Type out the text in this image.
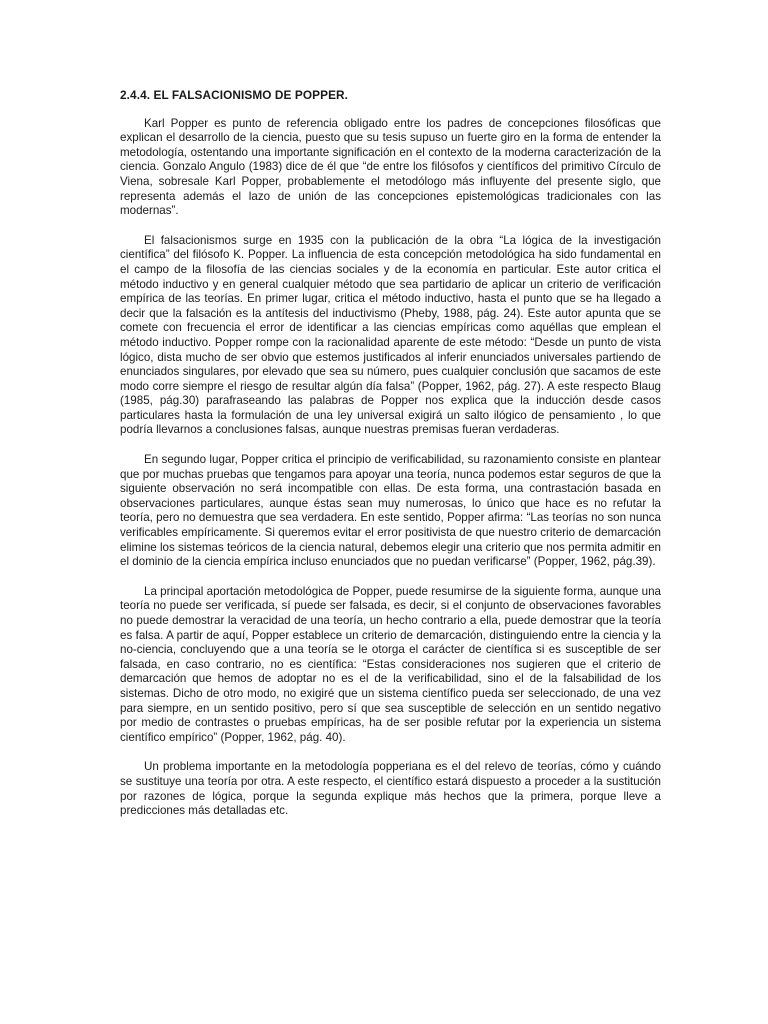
2.4.4. EL FALSACIONISMO DE POPPER.

Karl Popper es punto de referencia obligado entre los padres de concepciones filosóficas que explican el desarrollo de la ciencia, puesto que su tesis supuso un fuerte giro en la forma de entender la metodología, ostentando una importante significación en el contexto de la moderna caracterización de la ciencia. Gonzalo Angulo (1983) dice de él que “de entre los filósofos y científicos del primitivo Círculo de Viena, sobresale Karl Popper, probablemente el metodólogo más influyente del presente siglo, que representa además el lazo de unión de las concepciones epistemológicas tradicionales con las modernas”.

El falsacionismos surge en 1935 con la publicación de la obra “La lógica de la investigación científica” del filósofo K. Popper. La influencia de esta concepción metodológica ha sido fundamental en el campo de la filosofía de las ciencias sociales y de la economía en particular. Este autor critica el método inductivo y en general cualquier método que sea partidario de aplicar un criterio de verificación empírica de las teorías. En primer lugar, critica el método inductivo, hasta el punto que se ha llegado a decir que la falsación es la antítesis del inductivismo (Pheby, 1988, pág. 24). Este autor apunta que se comete con frecuencia el error de identificar a las ciencias empíricas como aquéllas que emplean el método inductivo. Popper rompe con la racionalidad aparente de este método: “Desde un punto de vista lógico, dista mucho de ser obvio que estemos justificados al inferir enunciados universales partiendo de enunciados singulares, por elevado que sea su número, pues cualquier conclusión que sacamos de este modo corre siempre el riesgo de resultar algún día falsa” (Popper, 1962, pág. 27). A este respecto Blaug (1985, pág.30) parafraseando las palabras de Popper nos explica que la inducción desde casos particulares hasta la formulación de una ley universal exigirá un salto ilógico de pensamiento , lo que podría llevarnos a conclusiones falsas, aunque nuestras premisas fueran verdaderas.

En segundo lugar, Popper critica el principio de verificabilidad, su razonamiento consiste en plantear que por muchas pruebas que tengamos para apoyar una teoría, nunca podemos estar seguros de que la siguiente observación no será incompatible con ellas. De esta forma, una contrastación basada en observaciones particulares, aunque éstas sean muy numerosas, lo único que hace es no refutar la teoría, pero no demuestra que sea verdadera. En este sentido, Popper afirma: “Las teorías no son nunca verificables empíricamente. Si queremos evitar el error positivista de que nuestro criterio de demarcación elimine los sistemas teóricos de la ciencia natural, debemos elegir una criterio que nos permita admitir en el dominio de la ciencia empírica incluso enunciados que no puedan verificarse” (Popper, 1962, pág.39).

La principal aportación metodológica de Popper, puede resumirse de la siguiente forma, aunque una teoría no puede ser verificada, sí puede ser falsada, es decir, si el conjunto de observaciones favorables no puede demostrar la veracidad de una teoría, un hecho contrario a ella, puede demostrar que la teoría es falsa. A partir de aquí, Popper establece un criterio de demarcación, distinguiendo entre la ciencia y la no-ciencia, concluyendo que a una teoría se le otorga el carácter de científica si es susceptible de ser falsada, en caso contrario, no es científica: “Estas consideraciones nos sugieren que el criterio de demarcación que hemos de adoptar no es el de la verificabilidad, sino el de la falsabilidad de los sistemas. Dicho de otro modo, no exigiré que un sistema científico pueda ser seleccionado, de una vez para siempre, en un sentido positivo, pero sí que sea susceptible de selección en un sentido negativo por medio de contrastes o pruebas empíricas, ha de ser posible refutar por la experiencia un sistema científico empírico” (Popper, 1962, pág. 40).

Un problema importante en la metodología popperiana es el del relevo de teorías, cómo y cuándo se sustituye una teoría por otra. A este respecto, el científico estará dispuesto a proceder a la sustitución por razones de lógica, porque la segunda explique más hechos que la primera, porque lleve a predicciones más detalladas etc.
